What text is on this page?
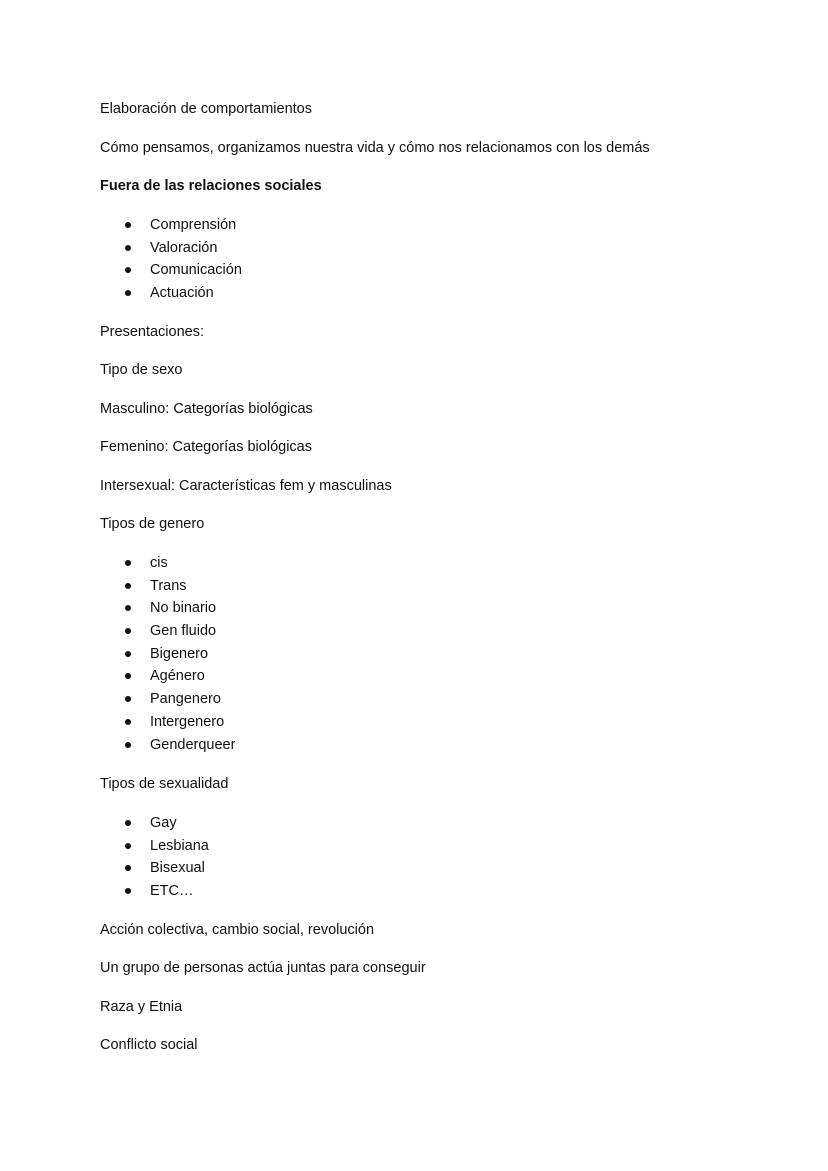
Elaboración de comportamientos
Cómo pensamos, organizamos nuestra vida y cómo nos relacionamos con los demás
Fuera de las relaciones sociales
Comprensión
Valoración
Comunicación
Actuación
Presentaciones:
Tipo de sexo
Masculino: Categorías biológicas
Femenino: Categorías biológicas
Intersexual: Características fem y masculinas
Tipos de genero
cis
Trans
No binario
Gen fluido
Bigenero
Agénero
Pangenero
Intergenero
Genderqueer
Tipos de sexualidad
Gay
Lesbiana
Bisexual
ETC…
Acción colectiva, cambio social, revolución
Un grupo de personas actúa juntas para conseguir
Raza y Etnia
Conflicto social
